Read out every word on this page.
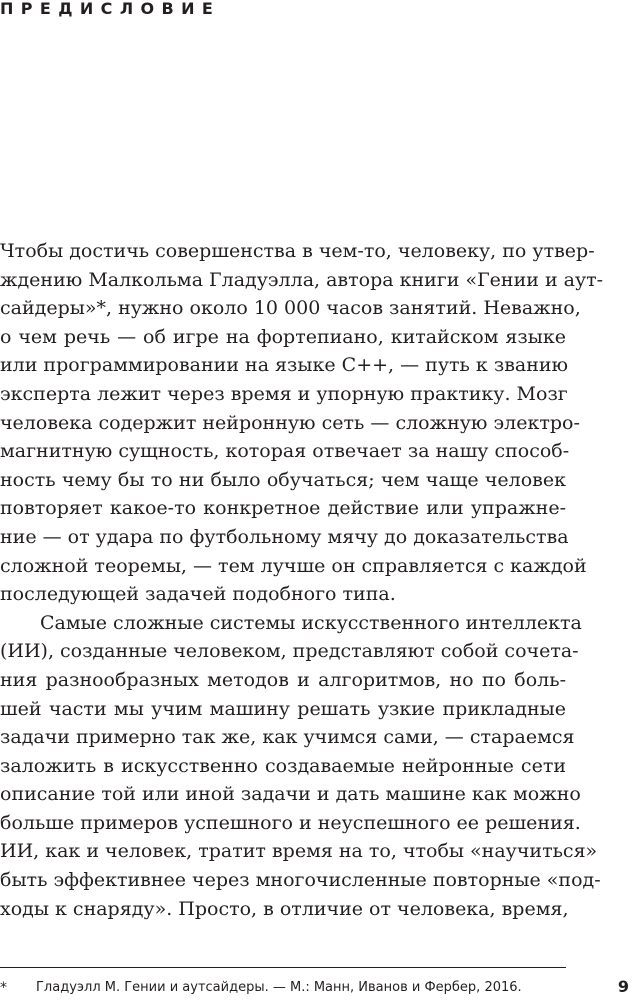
ПРЕДИСЛОВИЕ
Чтобы достичь совершенства в чем-то, человеку, по утвер-
ждению Малкольма Гладуэлла, автора книги «Гении и аут-
сайдеры»*, нужно около 10 000 часов занятий. Неважно,
о чем речь — об игре на фортепиано, китайском языке
или программировании на языке С++, — путь к званию
эксперта лежит через время и упорную практику. Мозг
человека содержит нейронную сеть — сложную электро-
магнитную сущность, которая отвечает за нашу способ-
ность чему бы то ни было обучаться; чем чаще человек
повторяет какое-то конкретное действие или упражне-
ние — от удара по футбольному мячу до доказательства
сложной теоремы, — тем лучше он справляется с каждой
последующей задачей подобного типа.
Самые сложные системы искусственного интеллекта
(ИИ), созданные человеком, представляют собой сочета-
ния разнообразных методов и алгоритмов, но по боль-
шей части мы учим машину решать узкие прикладные
задачи примерно так же, как учимся сами, — стараемся
заложить в искусственно создаваемые нейронные сети
описание той или иной задачи и дать машине как можно
больше примеров успешного и неуспешного ее решения.
ИИ, как и человек, тратит время на то, чтобы «научиться»
быть эффективнее через многочисленные повторные «под-
ходы к снаряду». Просто, в отличие от человека, время,
* Гладуэлл М. Гении и аутсайдеры. — М.: Манн, Иванов и Фербер, 2016.	9
